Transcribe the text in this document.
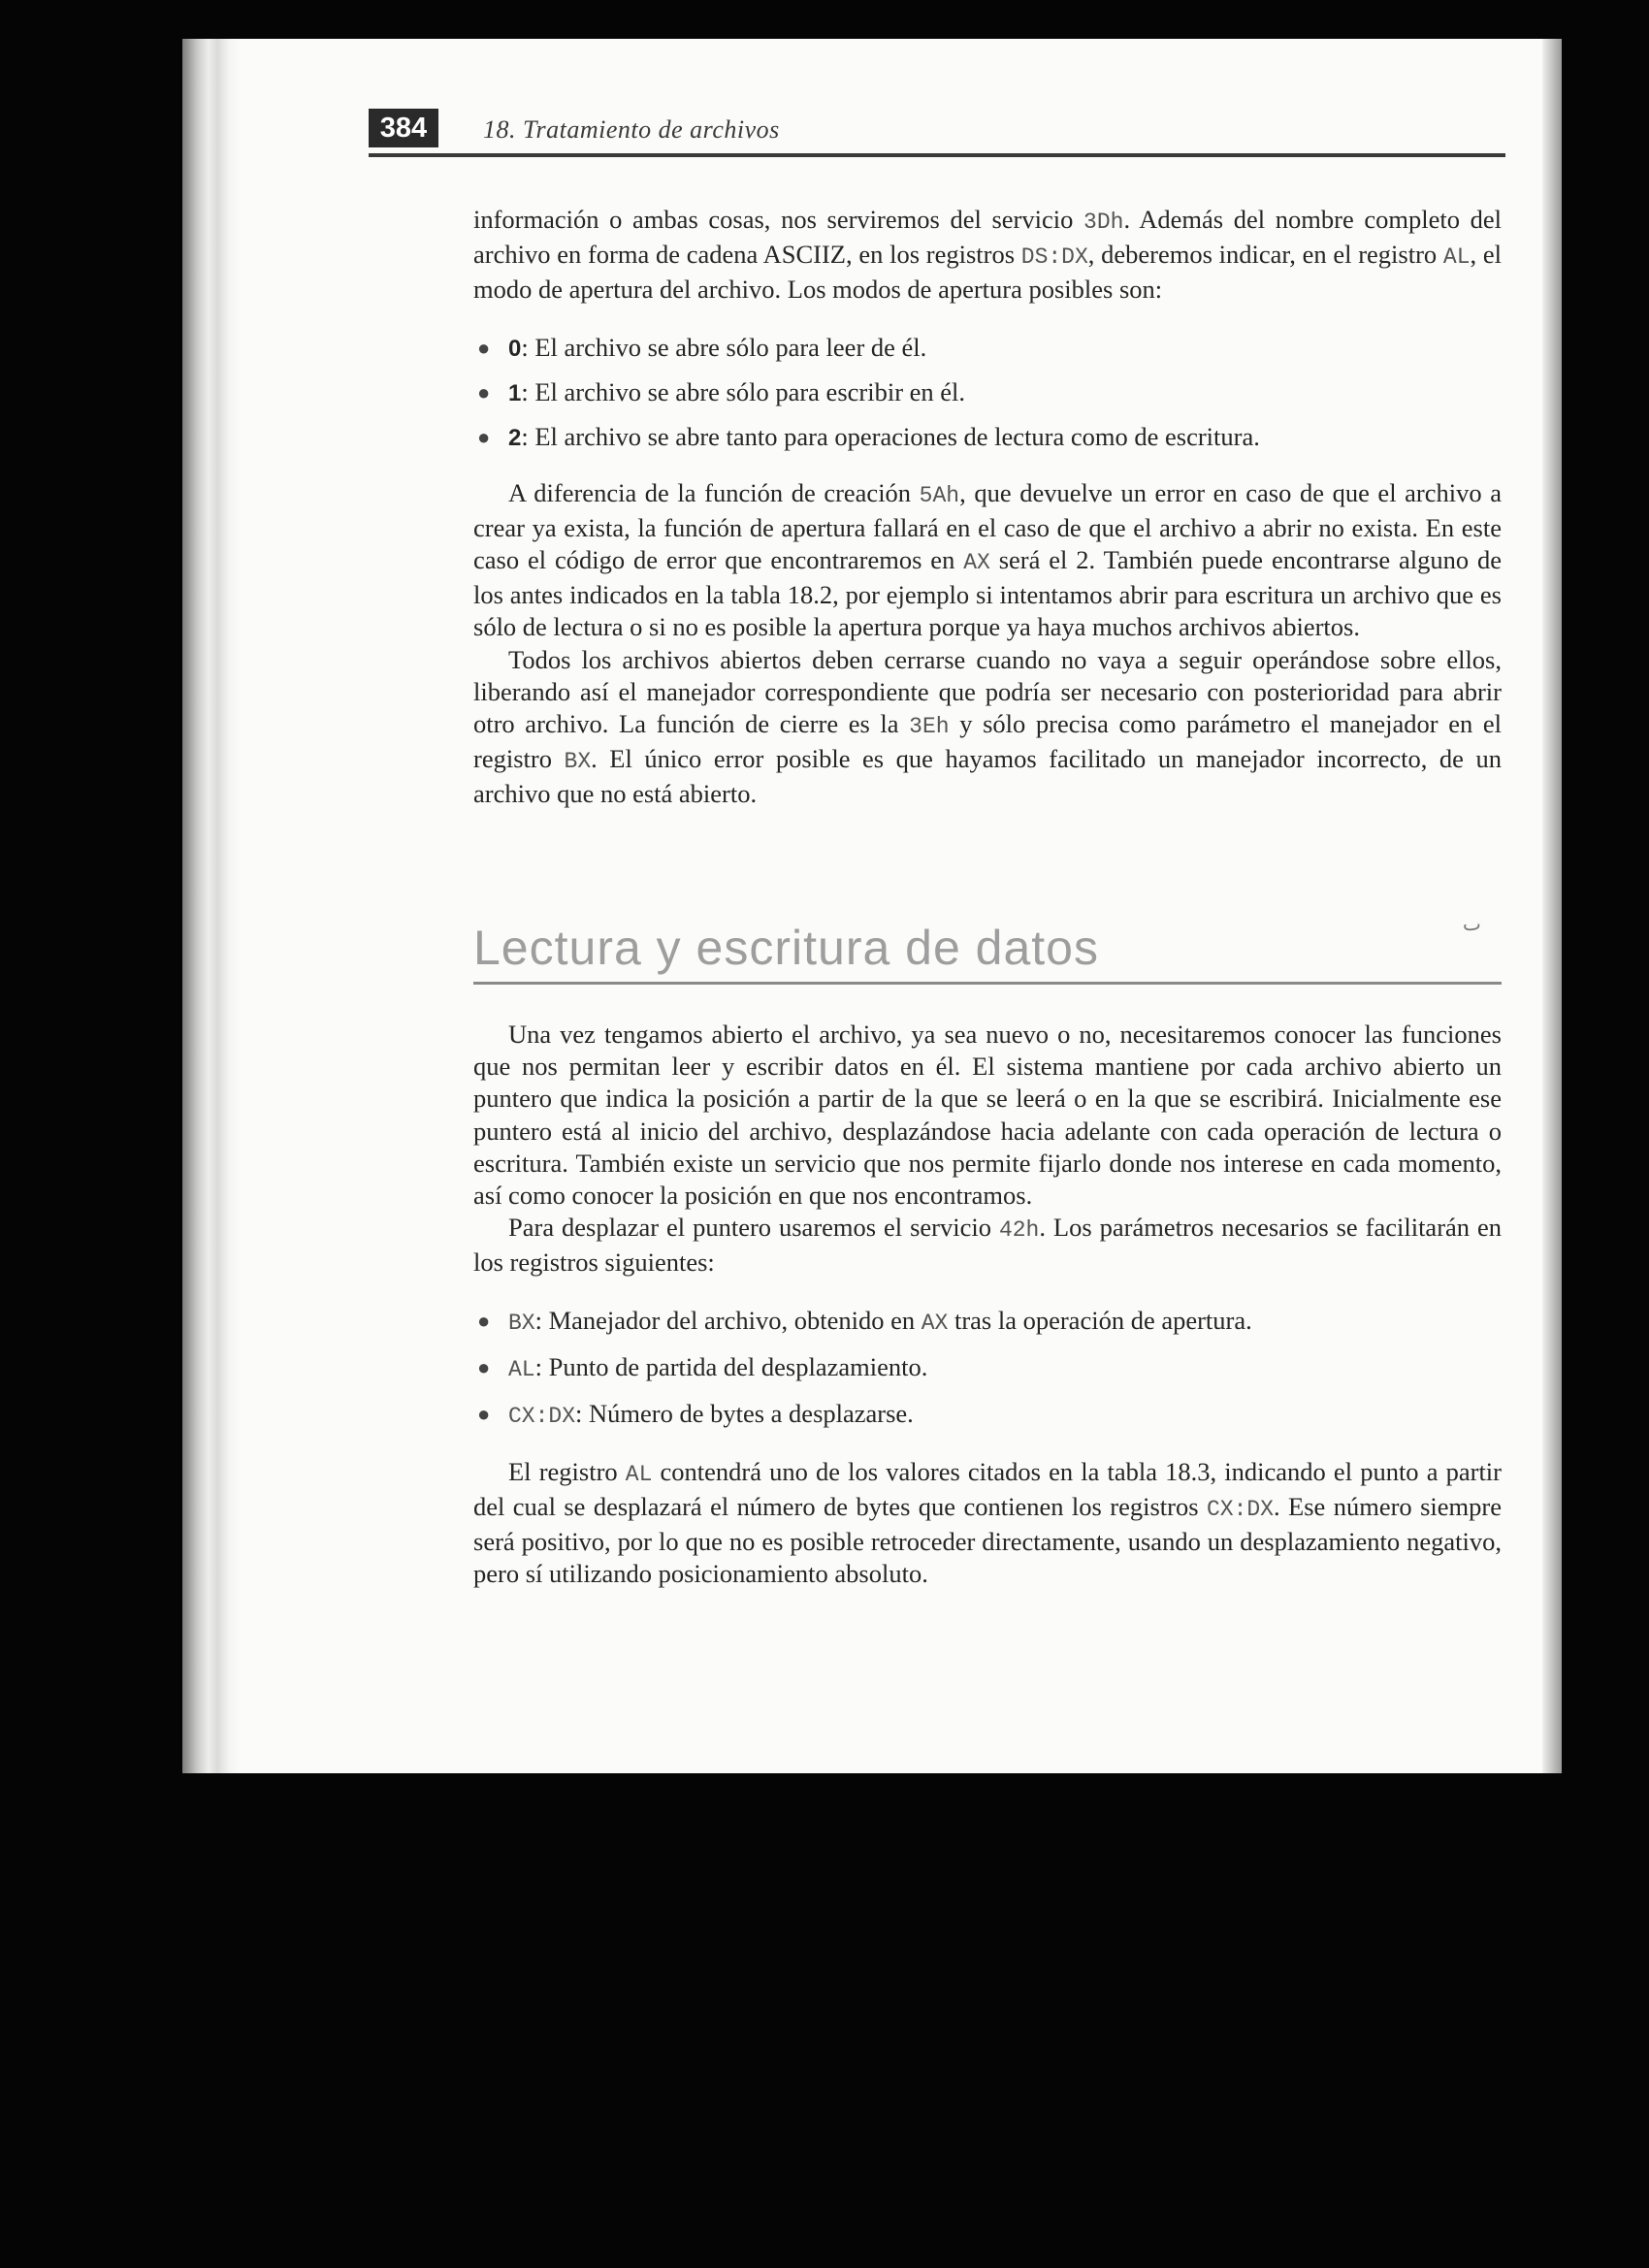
384	18. Tratamiento de archivos

información o ambas cosas, nos serviremos del servicio 3Dh. Además del nombre completo del archivo en forma de cadena ASCIIZ, en los registros DS:DX, deberemos indicar, en el registro AL, el modo de apertura del archivo. Los modos de apertura posibles son:

● 0: El archivo se abre sólo para leer de él.
● 1: El archivo se abre sólo para escribir en él.
● 2: El archivo se abre tanto para operaciones de lectura como de escritura.

A diferencia de la función de creación 5Ah, que devuelve un error en caso de que el archivo a crear ya exista, la función de apertura fallará en el caso de que el archivo a abrir no exista. En este caso el código de error que encontraremos en AX será el 2. También puede encontrarse alguno de los antes indicados en la tabla 18.2, por ejemplo si intentamos abrir para escritura un archivo que es sólo de lectura o si no es posible la apertura porque ya haya muchos archivos abiertos.

Todos los archivos abiertos deben cerrarse cuando no vaya a seguir operándose sobre ellos, liberando así el manejador correspondiente que podría ser necesario con posterioridad para abrir otro archivo. La función de cierre es la 3Eh y sólo precisa como parámetro el manejador en el registro BX. El único error posible es que hayamos facilitado un manejador incorrecto, de un archivo que no está abierto.

ٮ
Lectura y escritura de datos

Una vez tengamos abierto el archivo, ya sea nuevo o no, necesitaremos conocer las funciones que nos permitan leer y escribir datos en él. El sistema mantiene por cada archivo abierto un puntero que indica la posición a partir de la que se leerá o en la que se escribirá. Inicialmente ese puntero está al inicio del archivo, desplazándose hacia adelante con cada operación de lectura o escritura. También existe un servicio que nos permite fijarlo donde nos interese en cada momento, así como conocer la posición en que nos encontramos.

Para desplazar el puntero usaremos el servicio 42h. Los parámetros necesarios se facilitarán en los registros siguientes:

● BX: Manejador del archivo, obtenido en AX tras la operación de apertura.
● AL: Punto de partida del desplazamiento.
● CX:DX: Número de bytes a desplazarse.

El registro AL contendrá uno de los valores citados en la tabla 18.3, indicando el punto a partir del cual se desplazará el número de bytes que contienen los registros CX:DX. Ese número siempre será positivo, por lo que no es posible retroceder directamente, usando un desplazamiento negativo, pero sí utilizando posicionamiento absoluto.
